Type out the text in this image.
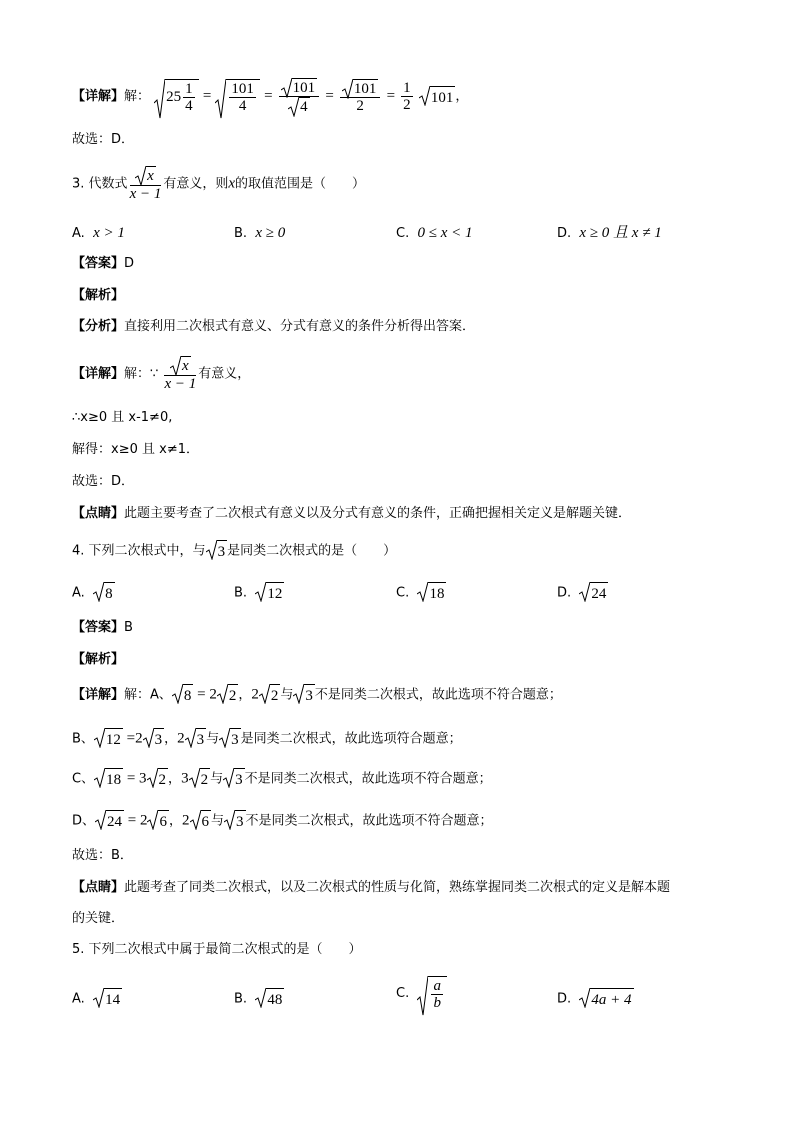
【详解】解： $25 \frac{1}{4} = \frac{101}{4} = \frac{101}{4} = \frac{101}{2} = \frac{1}{2}$
101 ，
故选：D．
3. 代数式 $\frac{x}{x - 1}$ 有意义，则x的取值范围是（　　）
A. x > 1	B. x ≥ 0	C. 0 ≤ x < 1	D. x ≥ 0 且 x ≠ 1
【答案】D
【解析】
【分析】直接利用二次根式有意义、分式有意义的条件分析得出答案．
【详解】解：∵ $\frac{x}{x - 1}$ 有意义，
∴x≥0 且 x-1≠0,
解得：x≥0 且 x≠1．
故选：D．
【点睛】此题主要考查了二次根式有意义以及分式有意义的条件，正确把握相关定义是解题关键．
4. 下列二次根式中，与 3 是同类二次根式的是（　　）
A. 8	B. 12	C. 18	D. 24
【答案】B
【解析】
【详解】解：A、 8 = 2 2 ，2 2 与 3 不是同类二次根式，故此选项不符合题意；
B、 12 =2 3 ，2 3 与 3 是同类二次根式，故此选项符合题意；
C、 18 = 3 2 ，3 2 与 3 不是同类二次根式，故此选项不符合题意；
D、 24 = 2 6 ，2 6 与 3 不是同类二次根式，故此选项不符合题意；
故选：B．
【点睛】此题考查了同类二次根式，以及二次根式的性质与化简，熟练掌握同类二次根式的定义是解本题
的关键．
5. 下列二次根式中属于最简二次根式的是（　　）
A. 14	B. 48	C. $\frac{a}{b}$	D. 4a + 4
